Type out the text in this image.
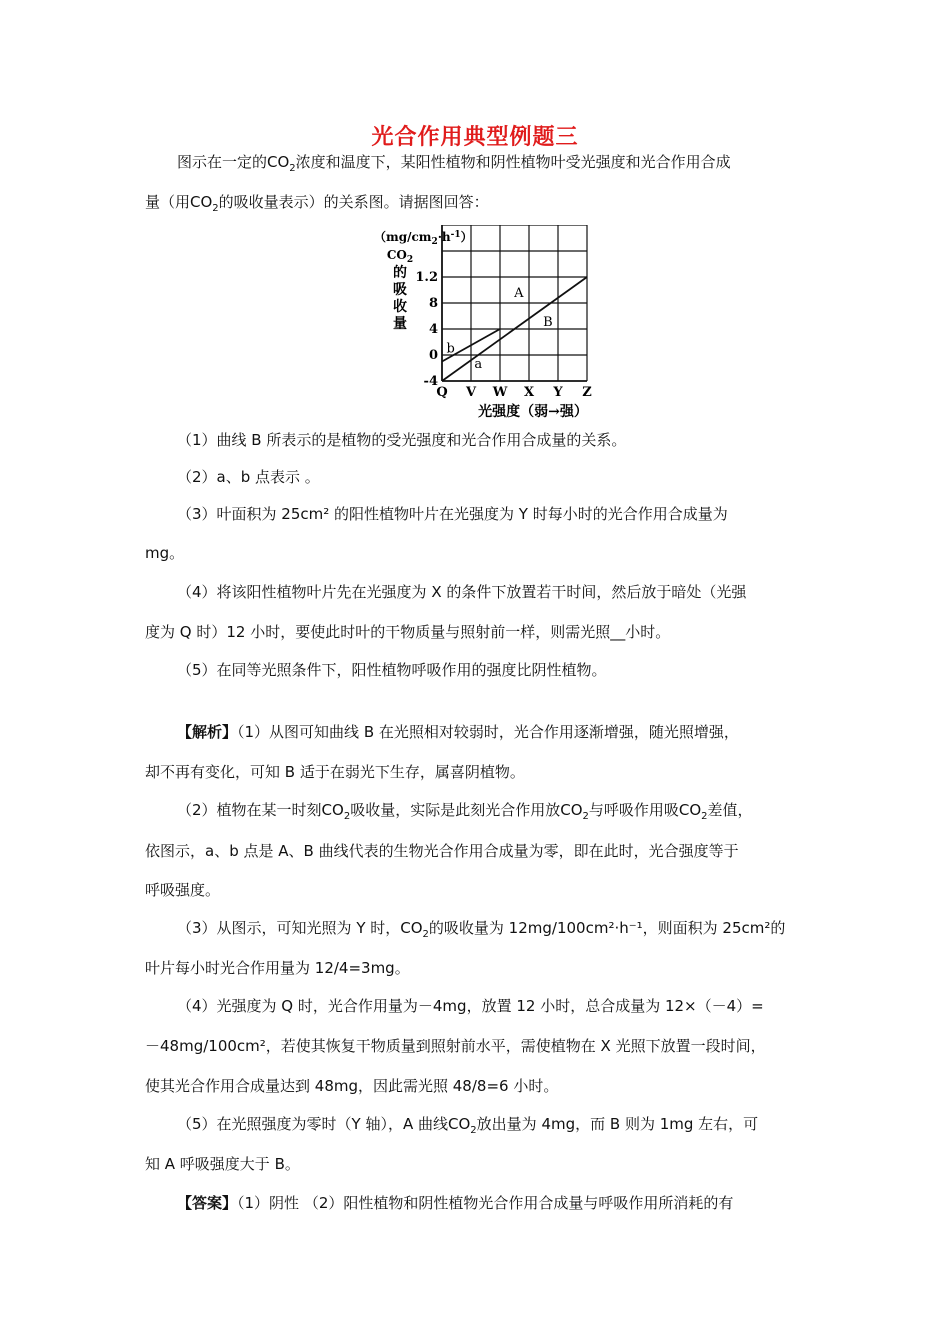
光合作用典型例题三
图示在一定的$CO_2$浓度和温度下，某阳性植物和阴性植物叶受光强度和光合作用合成
量（用$CO_2$的吸收量表示）的关系图。请据图回答：
-4
0
4
8
1.2
Q V W X Y Z
光强度（弱→强）
$(mg/cm_2\cdot h^{-1})$
$CO_2$
的
吸
收
量
A
B
a
b
（1）曲线 B 所表示的是植物的受光强度和光合作用合成量的关系。
（2）a、b 点表示 。
（3）叶面积为 25cm² 的阳性植物叶片在光强度为 Y 时每小时的光合作用合成量为
mg。
（4）将该阳性植物叶片先在光强度为 X 的条件下放置若干时间，然后放于暗处（光强
度为 Q 时）12 小时，要使此时叶的干物质量与照射前一样，则需光照__小时。
（5）在同等光照条件下，阳性植物呼吸作用的强度比阴性植物。
【解析】（1）从图可知曲线 B 在光照相对较弱时，光合作用逐渐增强，随光照增强，
却不再有变化，可知 B 适于在弱光下生存，属喜阴植物。
（2）植物在某一时刻$CO_2$吸收量，实际是此刻光合作用放$CO_2$与呼吸作用吸$CO_2$差值，
依图示，a、b 点是 A、B 曲线代表的生物光合作用合成量为零，即在此时，光合强度等于
呼吸强度。
（3）从图示，可知光照为 Y 时，$CO_2$的吸收量为 12mg/100cm²·h⁻¹，则面积为 25cm²的
叶片每小时光合作用量为 12/4=3mg。
（4）光强度为 Q 时，光合作用量为－4mg，放置 12 小时，总合成量为 12×（－4）=
－48mg/100cm²，若使其恢复干物质量到照射前水平，需使植物在 X 光照下放置一段时间，
使其光合作用合成量达到 48mg，因此需光照 48/8=6 小时。
（5）在光照强度为零时（Y 轴），A 曲线$CO_2$放出量为 4mg，而 B 则为 1mg 左右，可
知 A 呼吸强度大于 B。
【答案】（1）阴性 （2）阳性植物和阴性植物光合作用合成量与呼吸作用所消耗的有
